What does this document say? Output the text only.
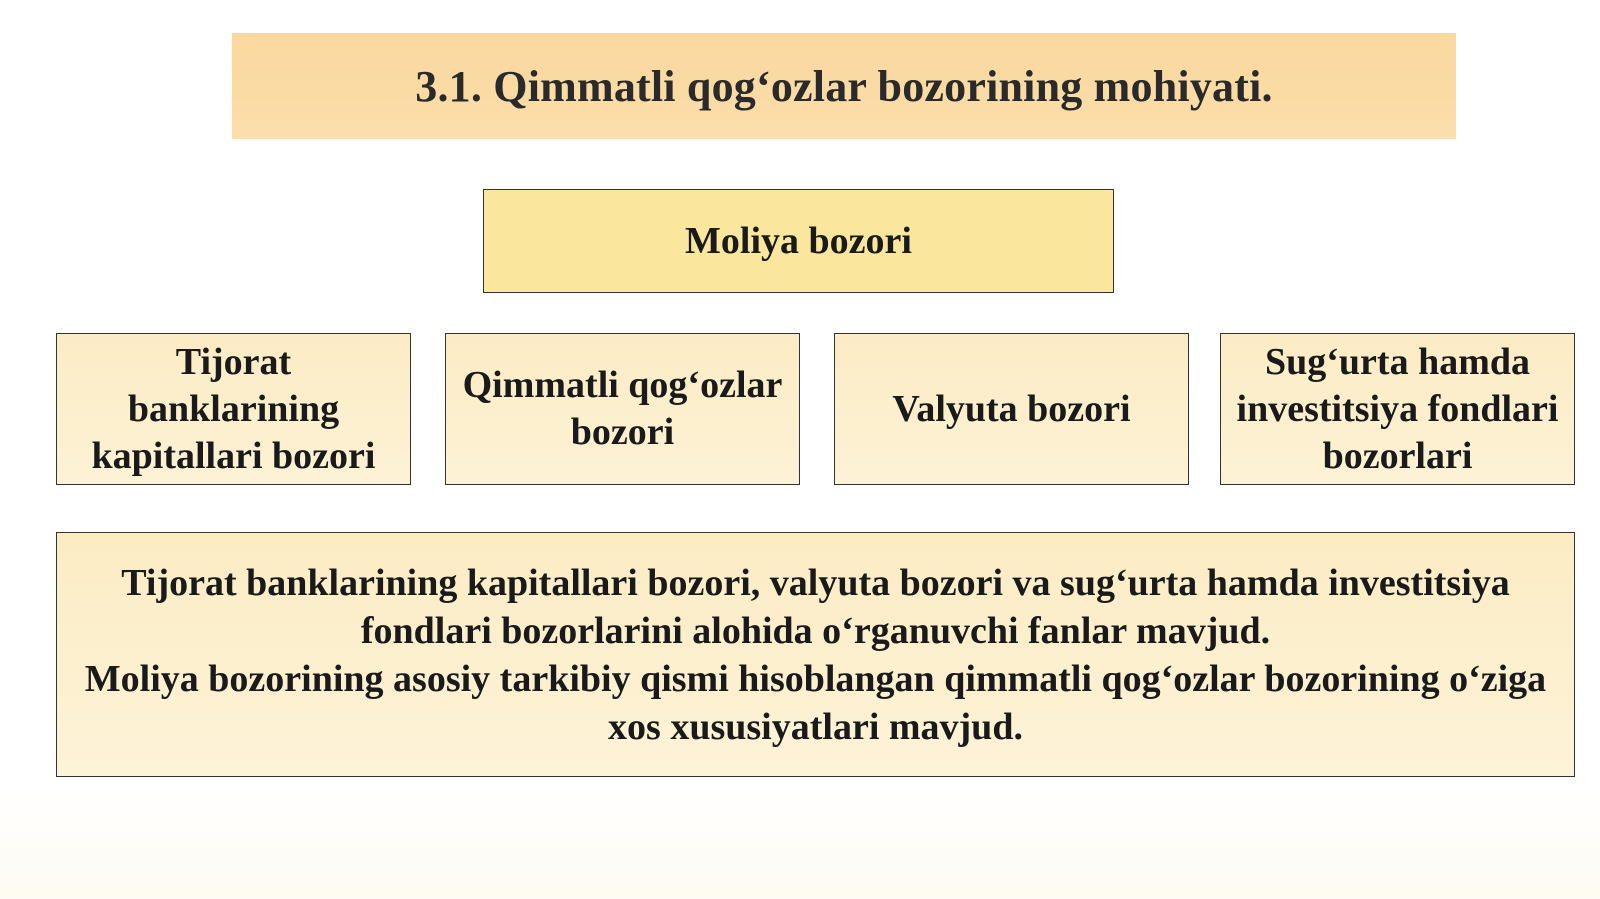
3.1. Qimmatli qog‘ozlar bozorining mohiyati.
Moliya bozori
Tijorat banklarining kapitallari bozori
Qimmatli qog‘ozlar bozori
Valyuta bozori
Sug‘urta hamda investitsiya fondlari bozorlari

Tijorat banklarining kapitallari bozori, valyuta bozori va sug‘urta hamda investitsiya fondlari bozorlarini alohida o‘rganuvchi fanlar mavjud.

Moliya bozorining asosiy tarkibiy qismi hisoblangan qimmatli qog‘ozlar bozorining o‘ziga xos xususiyatlari mavjud.
